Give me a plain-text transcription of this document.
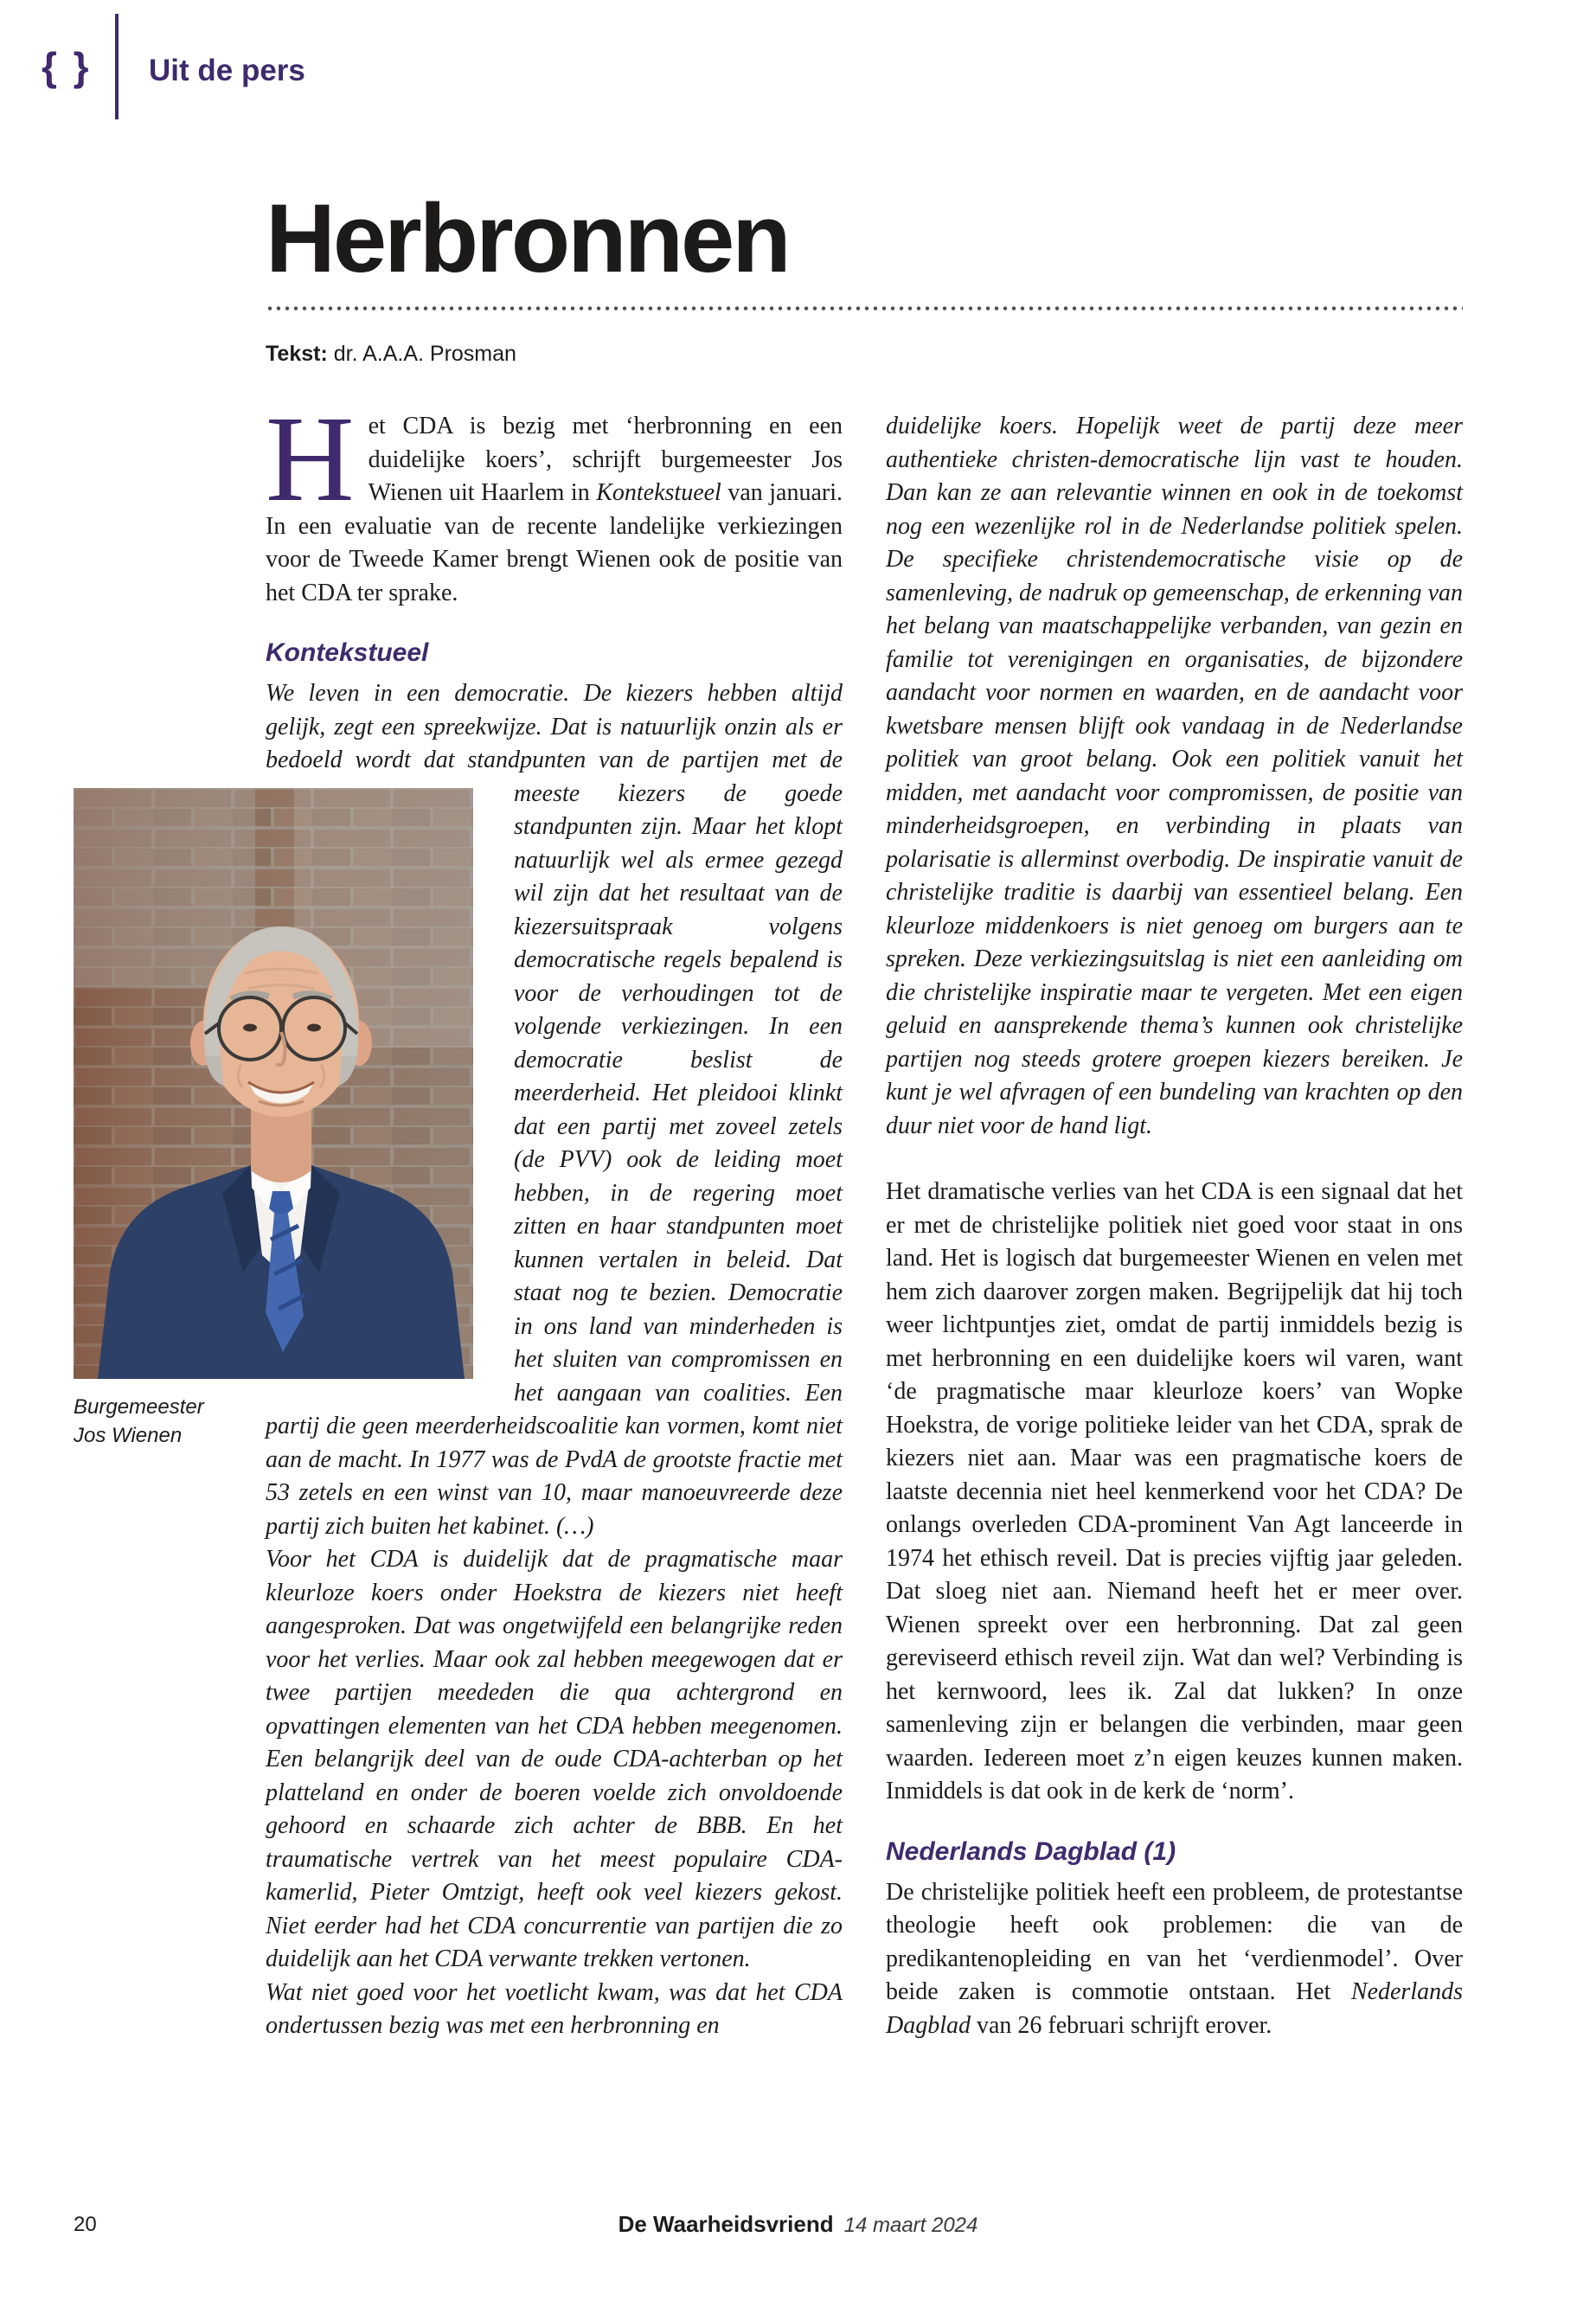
{ } Uit de pers
Herbronnen
Tekst: dr. A.A.A. Prosman

Het CDA is bezig met ‘herbronning en een duidelijke koers’, schrijft burgemeester Jos Wienen uit Haarlem in Kontekstueel van januari. In een evaluatie van de recente landelijke verkiezingen voor de Tweede Kamer brengt Wienen ook de positie van het CDA ter sprake.

Kontekstueel

We leven in een democratie. De kiezers hebben altijd gelijk, zegt een spreekwijze. Dat is natuurlijk onzin als er bedoeld wordt dat standpunten van de partijen
Burgemeester
Jos Wienen
met de meeste kiezers de goede standpunten zijn. Maar het klopt natuurlijk wel als ermee gezegd wil zijn dat het resultaat van de kiezersuitspraak volgens democratische regels bepalend is voor de verhoudingen tot de volgende verkiezingen. In een democratie beslist de meerderheid. Het pleidooi klinkt dat een partij met zoveel zetels (de PVV) ook de leiding moet hebben, in de regering moet zitten en haar standpunten moet kunnen vertalen in beleid. Dat staat nog te bezien. Democratie in ons land van minderheden is het sluiten van compromissen en het aangaan van coalities. Een partij die geen meerderheidscoalitie kan vormen, komt niet aan de macht. In 1977 was de PvdA de grootste fractie met 53 zetels en een winst van 10, maar manoeuvreerde deze partij zich buiten het kabinet. (…)

Voor het CDA is duidelijk dat de pragmatische maar kleurloze koers onder Hoekstra de kiezers niet heeft aangesproken. Dat was ongetwijfeld een belangrijke reden voor het verlies. Maar ook zal hebben meegewogen dat er twee partijen meededen die qua achtergrond en opvattingen elementen van het CDA hebben meegenomen. Een belangrijk deel van de oude CDA-achterban op het platteland en onder de boeren voelde zich onvoldoende gehoord en schaarde zich achter de BBB. En het traumatische vertrek van het meest populaire CDA-kamerlid, Pieter Omtzigt, heeft ook veel kiezers gekost. Niet eerder had het CDA concurrentie van partijen die zo duidelijk aan het CDA verwante trekken vertonen.

Wat niet goed voor het voetlicht kwam, was dat het CDA ondertussen bezig was met een herbronning en

duidelijke koers. Hopelijk weet de partij deze meer authentieke christen-democratische lijn vast te houden. Dan kan ze aan relevantie winnen en ook in de toekomst nog een wezenlijke rol in de Nederlandse politiek spelen. De specifieke christendemocratische visie op de samenleving, de nadruk op gemeenschap, de erkenning van het belang van maatschappelijke verbanden, van gezin en familie tot verenigingen en organisaties, de bijzondere aandacht voor normen en waarden, en de aandacht voor kwetsbare mensen blijft ook vandaag in de Nederlandse politiek van groot belang. Ook een politiek vanuit het midden, met aandacht voor compromissen, de positie van minderheidsgroepen, en verbinding in plaats van polarisatie is allerminst overbodig. De inspiratie vanuit de christelijke traditie is daarbij van essentieel belang. Een kleurloze middenkoers is niet genoeg om burgers aan te spreken. Deze verkiezingsuitslag is niet een aanleiding om die christelijke inspiratie maar te vergeten. Met een eigen geluid en aansprekende thema’s kunnen ook christelijke partijen nog steeds grotere groepen kiezers bereiken. Je kunt je wel afvragen of een bundeling van krachten op den duur niet voor de hand ligt.

Het dramatische verlies van het CDA is een signaal dat het er met de christelijke politiek niet goed voor staat in ons land. Het is logisch dat burgemeester Wienen en velen met hem zich daarover zorgen maken. Begrijpelijk dat hij toch weer lichtpuntjes ziet, omdat de partij inmiddels bezig is met herbronning en een duidelijke koers wil varen, want ‘de pragmatische maar kleurloze koers’ van Wopke Hoekstra, de vorige politieke leider van het CDA, sprak de kiezers niet aan. Maar was een pragmatische koers de laatste decennia niet heel kenmerkend voor het CDA? De onlangs overleden CDA-prominent Van Agt lanceerde in 1974 het ethisch reveil. Dat is precies vijftig jaar geleden. Dat sloeg niet aan. Niemand heeft het er meer over. Wienen spreekt over een herbronning. Dat zal geen gereviseerd ethisch reveil zijn. Wat dan wel? Verbinding is het kernwoord, lees ik. Zal dat lukken? In onze samenleving zijn er belangen die verbinden, maar geen waarden. Iedereen moet z’n eigen keuzes kunnen maken. Inmiddels is dat ook in de kerk de ‘norm’.

Nederlands Dagblad (1)

De christelijke politiek heeft een probleem, de protestantse theologie heeft ook problemen: die van de predikantenopleiding en van het ‘verdienmodel’. Over beide zaken is commotie ontstaan. Het Nederlands Dagblad van 26 februari schrijft erover.

20	De Waarheidsvriend 14 maart 2024
